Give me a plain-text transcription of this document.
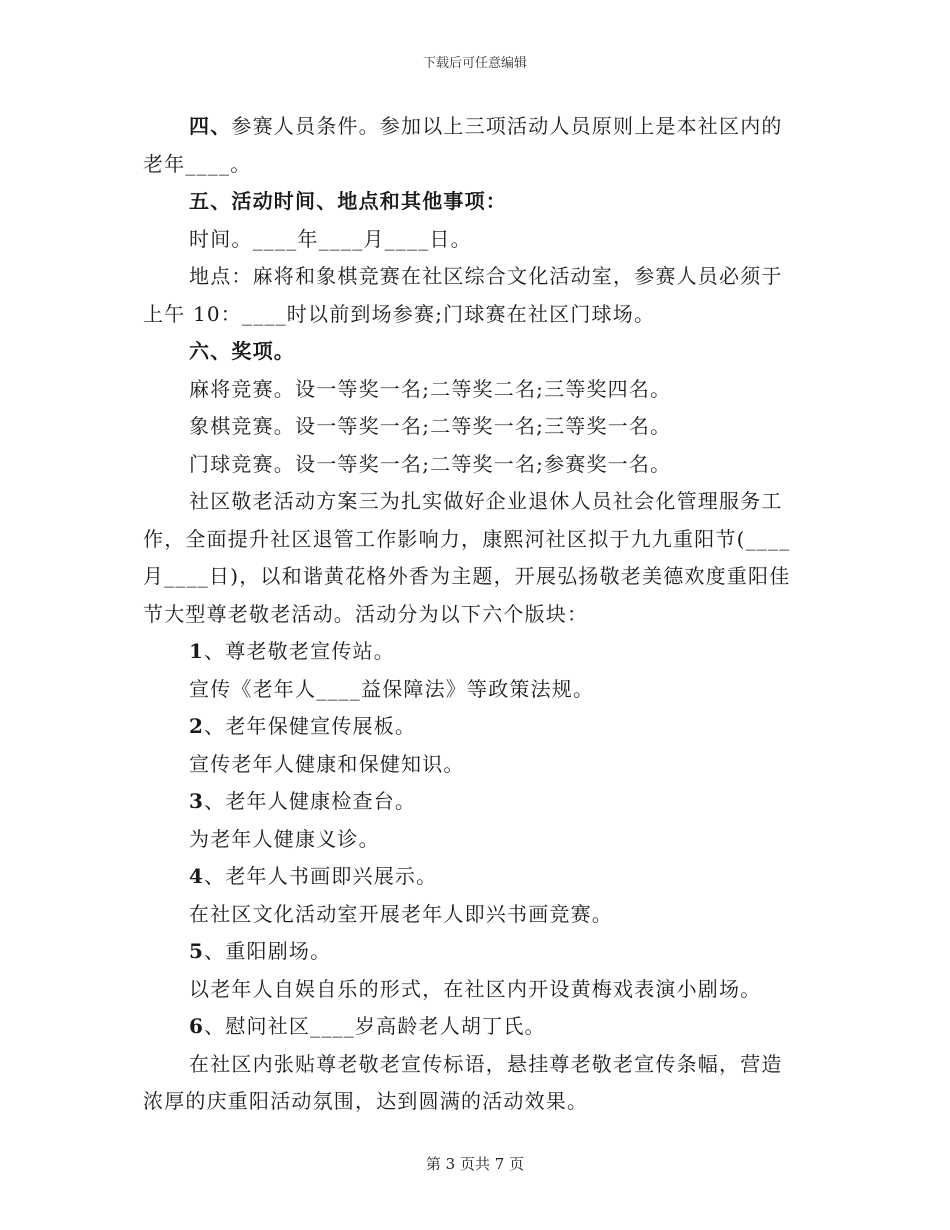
下载后可任意编辑

四、参赛人员条件。参加以上三项活动人员原则上是本社区内的
老年____。

五、活动时间、地点和其他事项：

时间。____年____月____日。

地点：麻将和象棋竞赛在社区综合文化活动室，参赛人员必须于
上午 10：____时以前到场参赛;门球赛在社区门球场。

六、奖项。

麻将竞赛。设一等奖一名;二等奖二名;三等奖四名。

象棋竞赛。设一等奖一名;二等奖一名;三等奖一名。

门球竞赛。设一等奖一名;二等奖一名;参赛奖一名。

社区敬老活动方案三为扎实做好企业退休人员社会化管理服务工
作，全面提升社区退管工作影响力，康熙河社区拟于九九重阳节(____
月____日)，以和谐黄花格外香为主题，开展弘扬敬老美德欢度重阳佳
节大型尊老敬老活动。活动分为以下六个版块：

1、尊老敬老宣传站。

宣传《老年人____益保障法》等政策法规。

2、老年保健宣传展板。

宣传老年人健康和保健知识。

3、老年人健康检查台。

为老年人健康义诊。

4、老年人书画即兴展示。

在社区文化活动室开展老年人即兴书画竞赛。

5、重阳剧场。

以老年人自娱自乐的形式，在社区内开设黄梅戏表演小剧场。

6、慰问社区____岁高龄老人胡丁氏。

在社区内张贴尊老敬老宣传标语，悬挂尊老敬老宣传条幅，营造
浓厚的庆重阳活动氛围，达到圆满的活动效果。

第 3 页共 7 页
